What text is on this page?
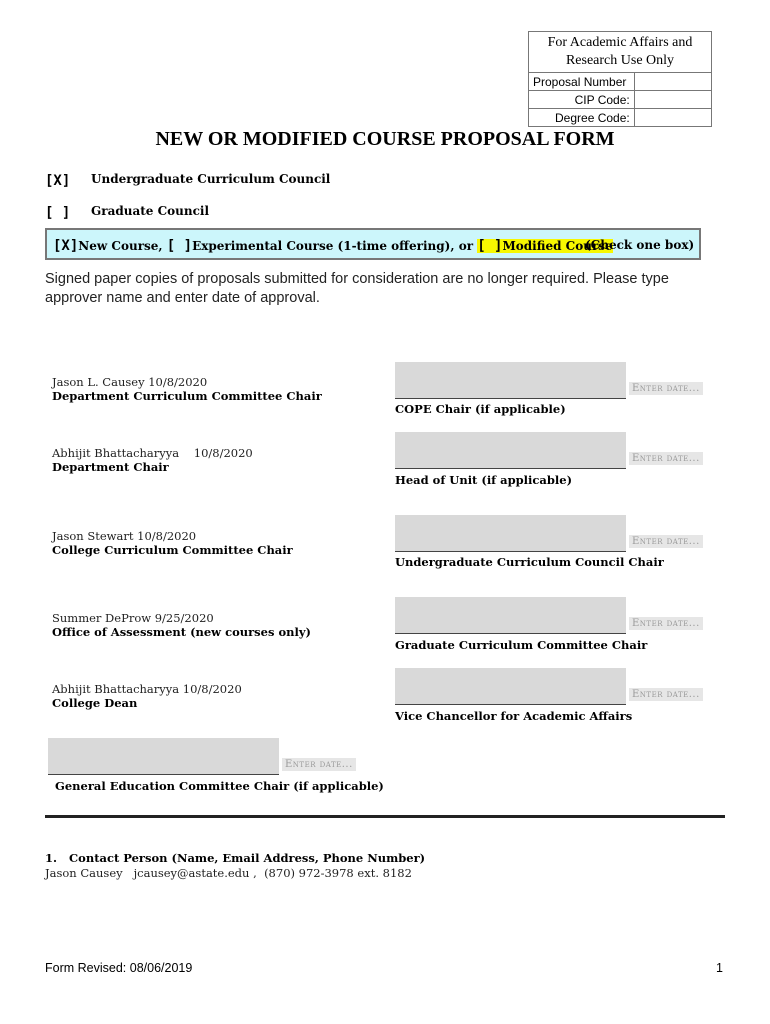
For Academic Affairs and Research Use Only	
Proposal Number	
CIP Code:	
Degree Code:	
NEW OR MODIFIED COURSE PROPOSAL FORM
[X] Undergraduate Curriculum Council
[ ] Graduate Council
[X]New Course, [ ]Experimental Course (1-time offering), or [ ]Modified Course
(Check one box)
Signed paper copies of proposals submitted for consideration are no longer required. Please type approver name and enter date of approval.
Jason L. Causey 10/8/2020
Department Curriculum Committee Chair
Abhijit Bhattacharyya    10/8/2020
Department Chair
Jason Stewart 10/8/2020
College Curriculum Committee Chair
Summer DeProw 9/25/2020
Office of Assessment (new courses only)
Abhijit Bhattacharyya 10/8/2020
College Dean
Enter date...
COPE Chair (if applicable)
Enter date...
Head of Unit (if applicable)
Enter date...
Undergraduate Curriculum Council Chair
Enter date...
Graduate Curriculum Committee Chair
Enter date...
Vice Chancellor for Academic Affairs
Enter date...
General Education Committee Chair (if applicable)
1.   Contact Person (Name, Email Address, Phone Number)
Jason Causey   jcausey@astate.edu ,  (870) 972-3978 ext. 8182
Form Revised: 08/06/2019	1
